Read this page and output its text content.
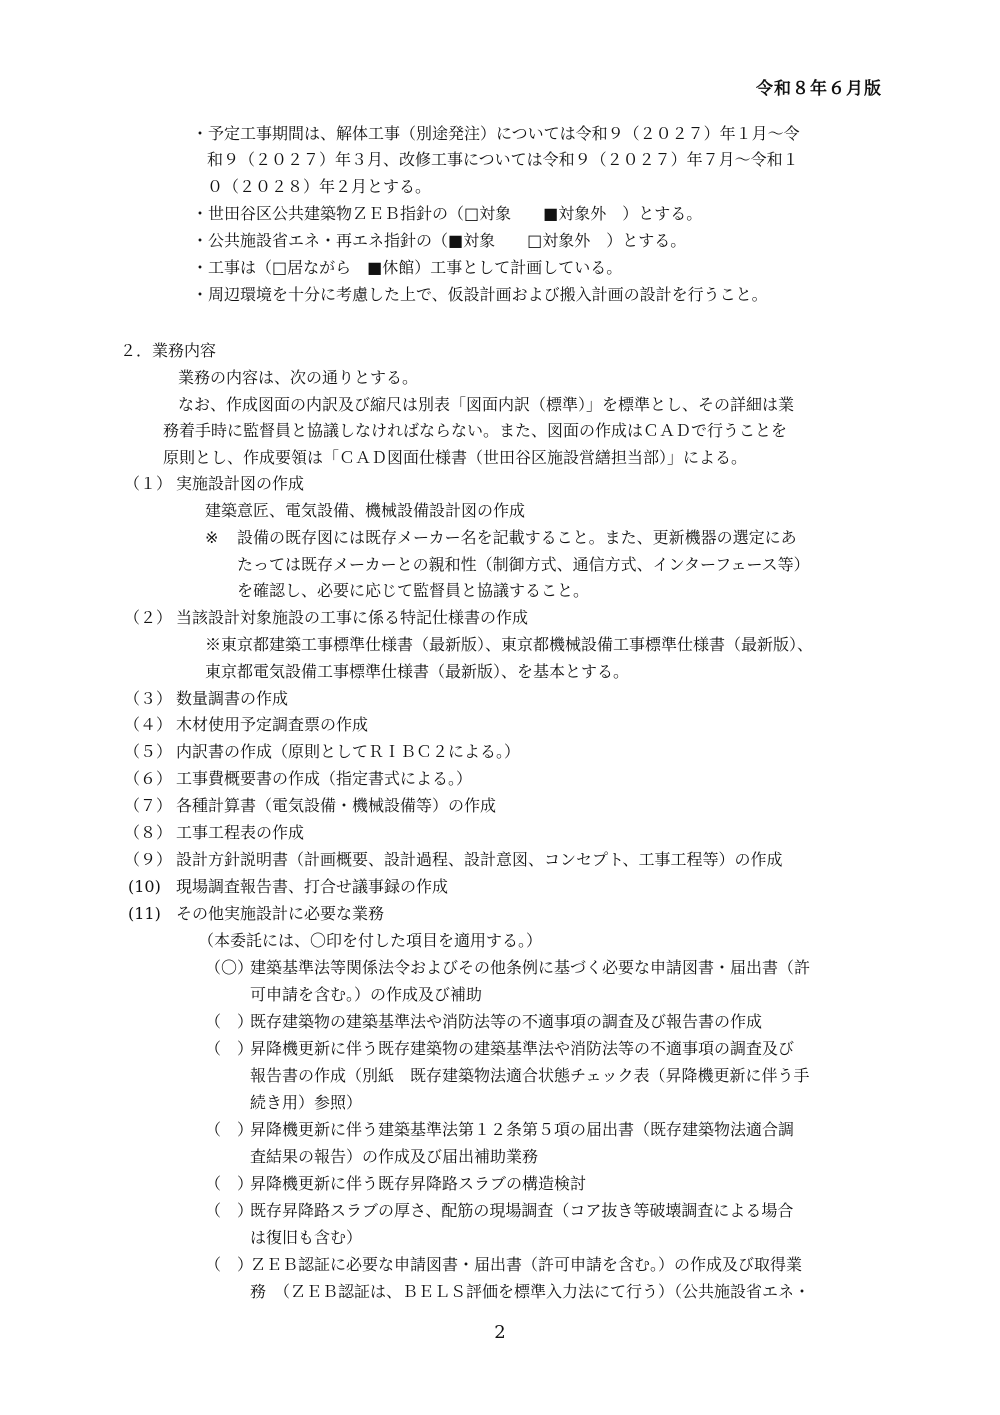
令和８年６月版
・予定工事期間は、解体工事（別途発注）については令和９（２０２７）年１月～令
和９（２０２７）年３月、改修工事については令和９（２０２７）年７月～令和１
０（２０２８）年２月とする。
・世田谷区公共建築物ＺＥＢ指針の（□対象　　■対象外　）とする。
・公共施設省エネ・再エネ指針の（■対象　　□対象外　）とする。
・工事は（□居ながら　■休館）工事として計画している。
・周辺環境を十分に考慮した上で、仮設計画および搬入計画の設計を行うこと。
２．業務内容
業務の内容は、次の通りとする。
なお、作成図面の内訳及び縮尺は別表「図面内訳（標準）」を標準とし、その詳細は業
務着手時に監督員と協議しなければならない。また、図面の作成はＣＡＤで行うことを
原則とし、作成要領は「ＣＡＤ図面仕様書（世田谷区施設営繕担当部）」による。
（１） 実施設計図の作成
建築意匠、電気設備、機械設備設計図の作成
※ 設備の既存図には既存メーカー名を記載すること。また、更新機器の選定にあ
たっては既存メーカーとの親和性（制御方式、通信方式、インターフェース等）
を確認し、必要に応じて監督員と協議すること。
（２） 当該設計対象施設の工事に係る特記仕様書の作成
※東京都建築工事標準仕様書（最新版）、東京都機械設備工事標準仕様書（最新版）、
東京都電気設備工事標準仕様書（最新版）、を基本とする。
（３） 数量調書の作成
（４） 木材使用予定調査票の作成
（５） 内訳書の作成（原則としてＲＩＢＣ２による。）
（６） 工事費概要書の作成（指定書式による。）
（７） 各種計算書（電気設備・機械設備等）の作成
（８） 工事工程表の作成
（９） 設計方針説明書（計画概要、設計過程、設計意図、コンセプト、工事工程等）の作成
(10) 現場調査報告書、打合せ議事録の作成
(11) その他実施設計に必要な業務
（本委託には、〇印を付した項目を適用する。）
（〇）
建築基準法等関係法令およびその他条例に基づく必要な申請図書・届出書（許
可申請を含む。）の作成及び補助
（　）
既存建築物の建築基準法や消防法等の不適事項の調査及び報告書の作成
（　）
昇降機更新に伴う既存建築物の建築基準法や消防法等の不適事項の調査及び
報告書の作成（別紙　既存建築物法適合状態チェック表（昇降機更新に伴う手
続き用）参照）
（　）
昇降機更新に伴う建築基準法第１２条第５項の届出書（既存建築物法適合調
査結果の報告）の作成及び届出補助業務
（　）
昇降機更新に伴う既存昇降路スラブの構造検討
（　）
既存昇降路スラブの厚さ、配筋の現場調査（コア抜き等破壊調査による場合
は復旧も含む）
（　）
ＺＥＢ認証に必要な申請図書・届出書（許可申請を含む。）の作成及び取得業
務　（ＺＥＢ認証は、ＢＥＬＳ評価を標準入力法にて行う）（公共施設省エネ・
2
